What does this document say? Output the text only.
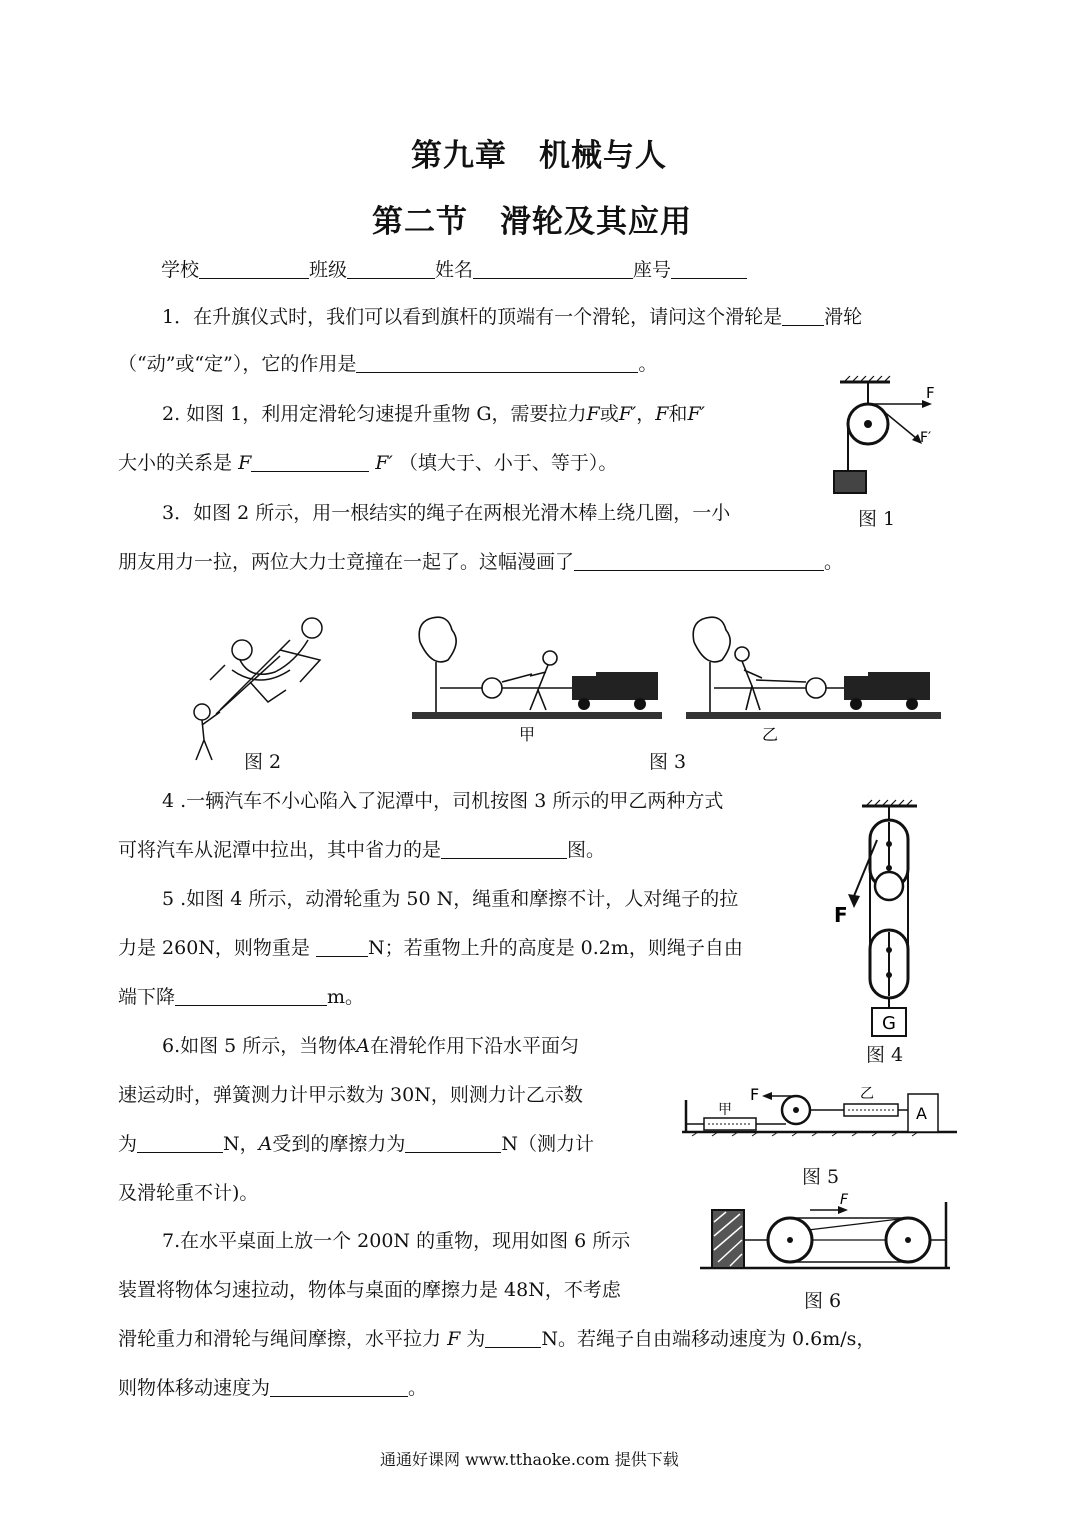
第九章　机械与人
第二节　滑轮及其应用
学校	班级	姓名	座号
1．在升旗仪式时，我们可以看到旗杆的顶端有一个滑轮，请问这个滑轮是 滑轮
（“动”或“定”），它的作用是	。
2. 如图 1，利用定滑轮匀速提升重物 G，需要拉力F或F′，F和F′
大小的关系是 F	F′ （填大于、小于、等于）。
3．如图 2 所示，用一根结实的绳子在两根光滑木棒上绕几圈，一小
朋友用力一拉，两位大力士竟撞在一起了。这幅漫画了	。
F
F′
图 1
图 2
甲	乙
图 3
4 .一辆汽车不小心陷入了泥潭中，司机按图 3 所示的甲乙两种方式
可将汽车从泥潭中拉出，其中省力的是	图。
G
F
图 4
5 .如图 4 所示，动滑轮重为 50 N，绳重和摩擦不计，人对绳子的拉
力是 260N，则物重是	N；若重物上升的高度是 0.2m，则绳子自由
端下降	m。
6.如图 5 所示，当物体A在滑轮作用下沿水平面匀
速运动时，弹簧测力计甲示数为 30N，则测力计乙示数
为	N，A受到的摩擦力为	N（测力计
及滑轮重不计)。
A
F
甲
乙
图 5
F
图 6
7.在水平桌面上放一个 200N 的重物，现用如图 6 所示
装置将物体匀速拉动，物体与桌面的摩擦力是 48N，不考虑
滑轮重力和滑轮与绳间摩擦，水平拉力 F 为	N。若绳子自由端移动速度为 0.6m/s，
则物体移动速度为	。
通通好课网 www.tthaoke.com 提供下载
